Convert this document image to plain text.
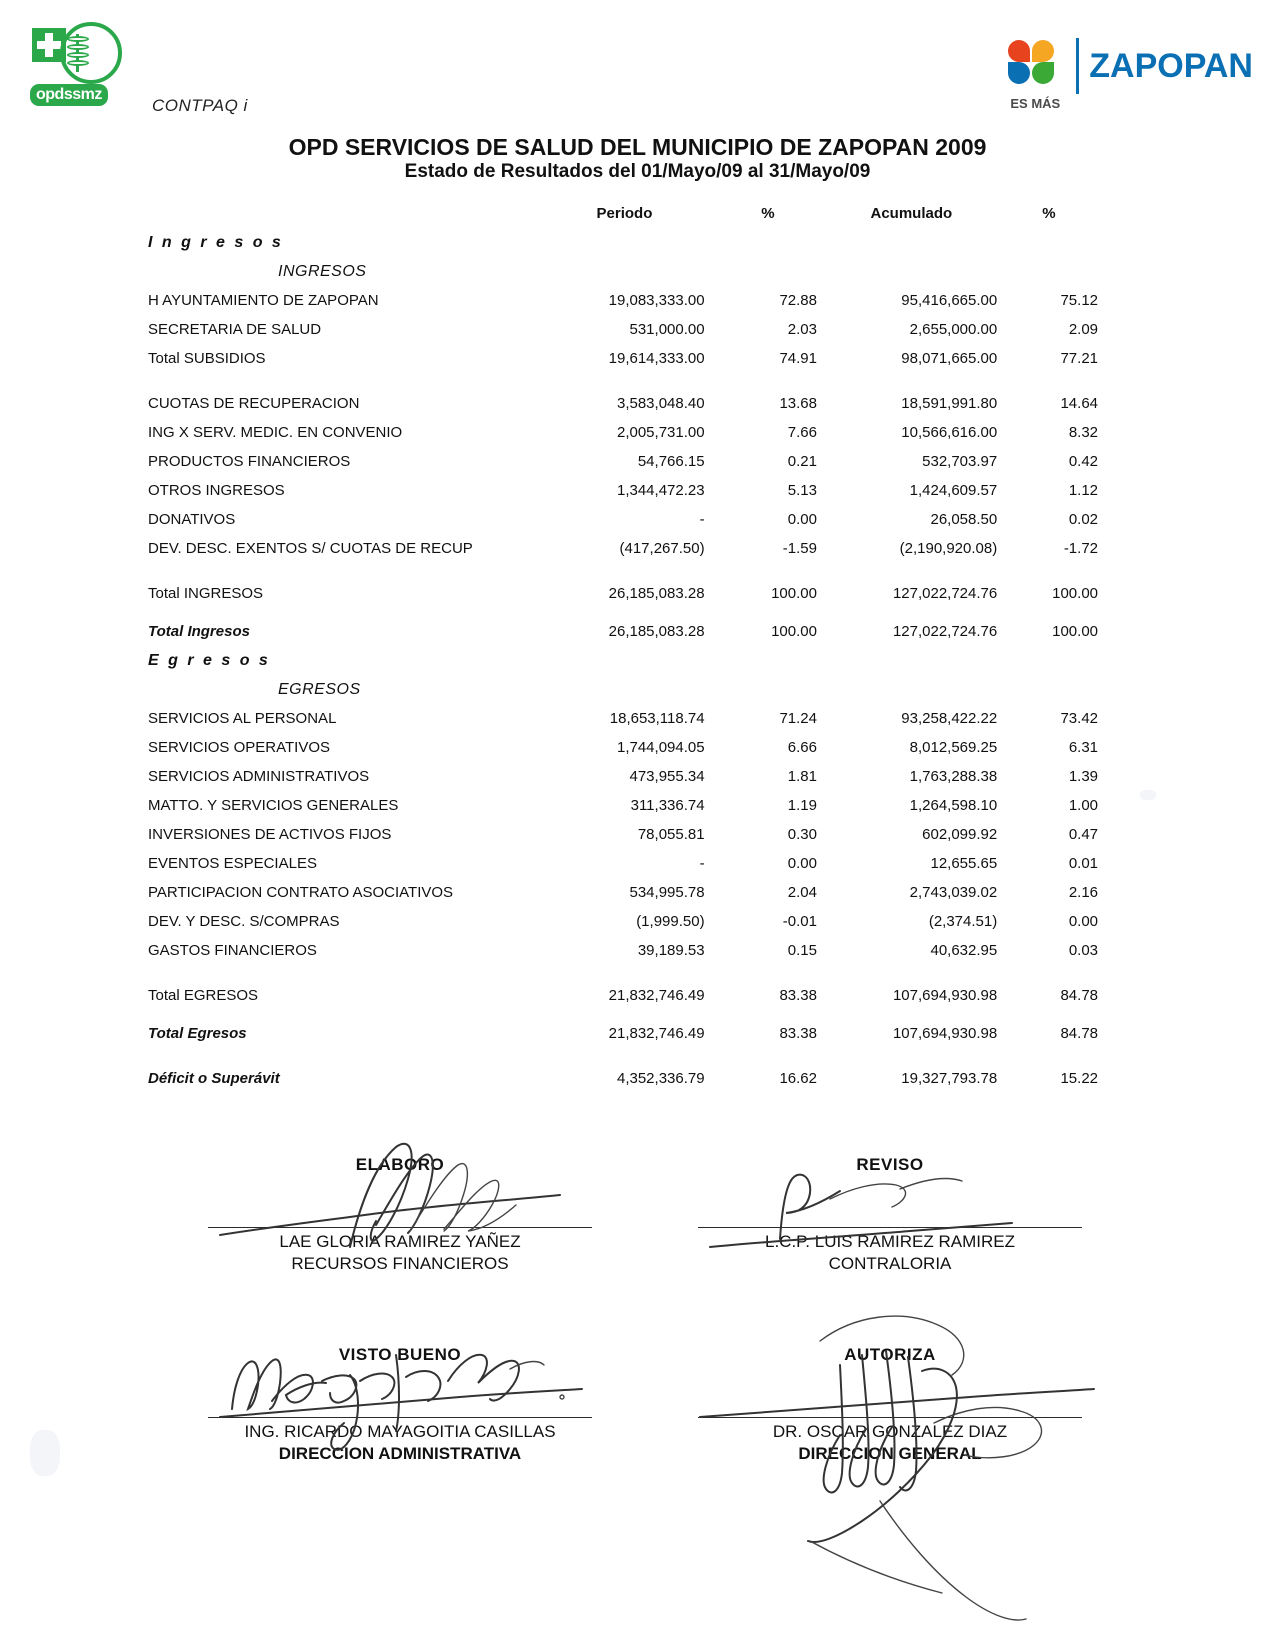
opdssmz
ES MÁS
ZAPOPAN
CONTPAQ i
OPD SERVICIOS DE SALUD DEL MUNICIPIO DE ZAPOPAN 2009
Estado de Resultados del 01/Mayo/09 al 31/Mayo/09
Periodo	%	Acumulado	%
I n g r e s o s
INGRESOS
H AYUNTAMIENTO DE ZAPOPAN	19,083,333.00	72.88	95,416,665.00	75.12
SECRETARIA DE SALUD	531,000.00	2.03	2,655,000.00	2.09
Total SUBSIDIOS	19,614,333.00	74.91	98,071,665.00	77.21
CUOTAS DE RECUPERACION	3,583,048.40	13.68	18,591,991.80	14.64
ING X SERV. MEDIC. EN CONVENIO	2,005,731.00	7.66	10,566,616.00	8.32
PRODUCTOS FINANCIEROS	54,766.15	0.21	532,703.97	0.42
OTROS INGRESOS	1,344,472.23	5.13	1,424,609.57	1.12
DONATIVOS	-	0.00	26,058.50	0.02
DEV. DESC. EXENTOS S/ CUOTAS DE RECUP	(417,267.50)	-1.59	(2,190,920.08)	-1.72
Total INGRESOS	26,185,083.28	100.00	127,022,724.76	100.00
Total Ingresos	26,185,083.28	100.00	127,022,724.76	100.00
E g r e s o s
EGRESOS
SERVICIOS AL PERSONAL	18,653,118.74	71.24	93,258,422.22	73.42
SERVICIOS OPERATIVOS	1,744,094.05	6.66	8,012,569.25	6.31
SERVICIOS ADMINISTRATIVOS	473,955.34	1.81	1,763,288.38	1.39
MATTO. Y SERVICIOS GENERALES	311,336.74	1.19	1,264,598.10	1.00
INVERSIONES DE ACTIVOS FIJOS	78,055.81	0.30	602,099.92	0.47
EVENTOS ESPECIALES	-	0.00	12,655.65	0.01
PARTICIPACION CONTRATO ASOCIATIVOS	534,995.78	2.04	2,743,039.02	2.16
DEV. Y DESC. S/COMPRAS	(1,999.50)	-0.01	(2,374.51)	0.00
GASTOS FINANCIEROS	39,189.53	0.15	40,632.95	0.03
Total EGRESOS	21,832,746.49	83.38	107,694,930.98	84.78
Total Egresos	21,832,746.49	83.38	107,694,930.98	84.78
Déficit o Superávit	4,352,336.79	16.62	19,327,793.78	15.22
ELABORO
LAE GLORIA RAMIREZ YAÑEZ
RECURSOS FINANCIEROS
REVISO
L.C.P. LUIS RAMIREZ RAMIREZ
CONTRALORIA
VISTO BUENO
ING. RICARDO MAYAGOITIA CASILLAS
DIRECCION ADMINISTRATIVA
AUTORIZA
DR. OSCAR GONZALEZ DIAZ
DIRECCION GENERAL
